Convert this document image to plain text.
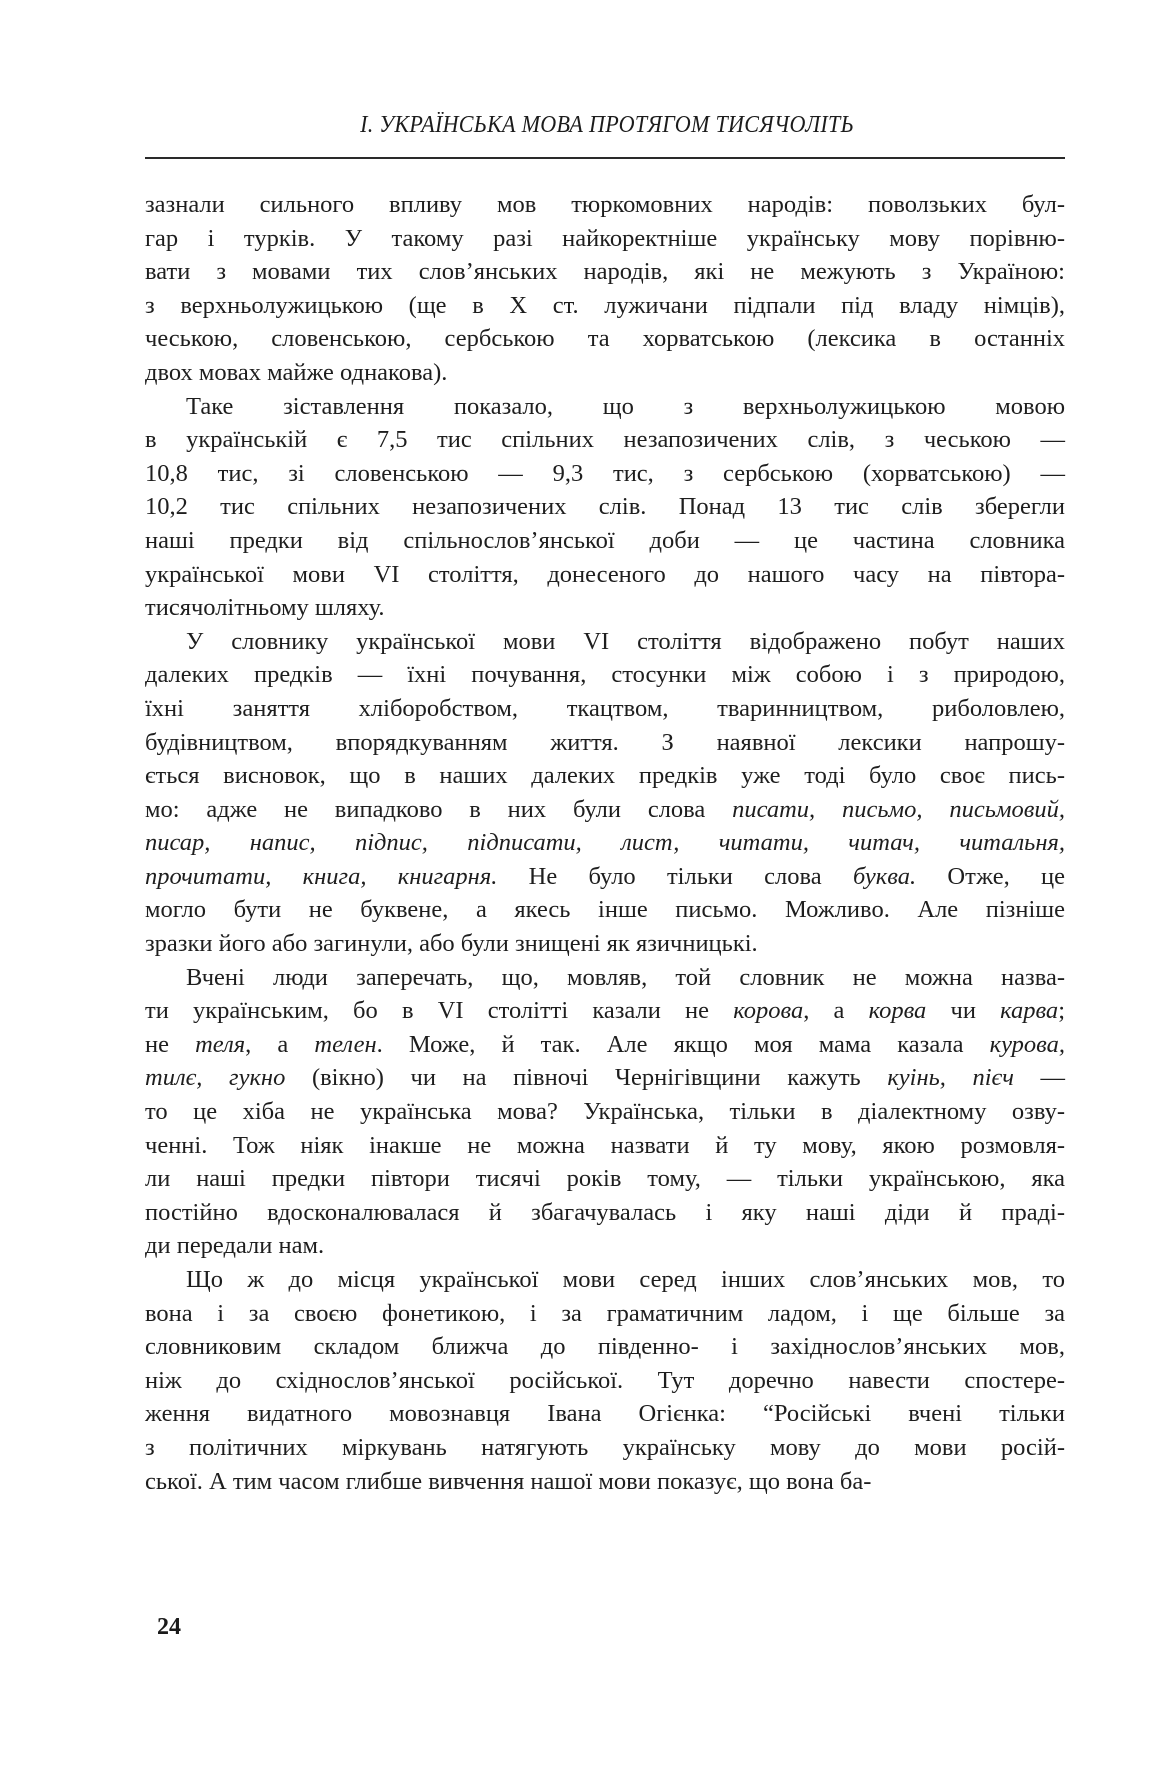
І. УКРАЇНСЬКА МОВА ПРОТЯГОМ ТИСЯЧОЛІТЬ
зазнали сильного впливу мов тюркомовних народів: поволзьких бул-
гар і турків. У такому разі найкоректніше українську мову порівню-
вати з мовами тих слов’янських народів, які не межують з Україною:
з верхньолужицькою (ще в X ст. лужичани підпали під владу німців),
чеською, словенською, сербською та хорватською (лексика в останніх
двох мовах майже однакова).
Таке зіставлення показало, що з верхньолужицькою мовою
в українській є 7,5 тис спільних незапозичених слів, з чеською —
10,8 тис, зі словенською — 9,3 тис, з сербською (хорватською) —
10,2 тис спільних незапозичених слів. Понад 13 тис слів зберегли
наші предки від спільнослов’янської доби — це частина словника
української мови VI століття, донесеного до нашого часу на півтора-
тисячолітньому шляху.
У словнику української мови VI століття відображено побут наших
далеких предків — їхні почування, стосунки між собою і з природою,
їхні заняття хліборобством, ткацтвом, тваринництвом, риболовлею,
будівництвом, впорядкуванням життя. З наявної лексики напрошу-
ється висновок, що в наших далеких предків уже тоді було своє пись-
мо: адже не випадково в них були слова писати, письмо, письмовий,
писар, напис, підпис, підписати, лист, читати, читач, читальня,
прочитати, книга, книгарня. Не було тільки слова буква. Отже, це
могло бути не буквене, а якесь інше письмо. Можливо. Але пізніше
зразки його або загинули, або були знищені як язичницькі.
Вчені люди заперечать, що, мовляв, той словник не можна назва-
ти українським, бо в VI столітті казали не корова, а корва чи карва;
не теля, а телен. Може, й так. Але якщо моя мама казала курова,
тилє, гукно (вікно) чи на півночі Чернігівщини кажуть куінь, пієч —
то це хіба не українська мова? Українська, тільки в діалектному озву-
ченні. Тож ніяк інакше не можна назвати й ту мову, якою розмовля-
ли наші предки півтори тисячі років тому, — тільки українською, яка
постійно вдосконалювалася й збагачувалась і яку наші діди й праді-
ди передали нам.
Що ж до місця української мови серед інших слов’янських мов, то
вона і за своєю фонетикою, і за граматичним ладом, і ще більше за
словниковим складом ближча до південно- і західнослов’янських мов,
ніж до східнослов’янської російської. Тут доречно навести спостере-
ження видатного мовознавця Івана Огієнка: “Російські вчені тільки
з політичних міркувань натягують українську мову до мови росій-
ської. А тим часом глибше вивчення нашої мови показує, що вона ба-
24
